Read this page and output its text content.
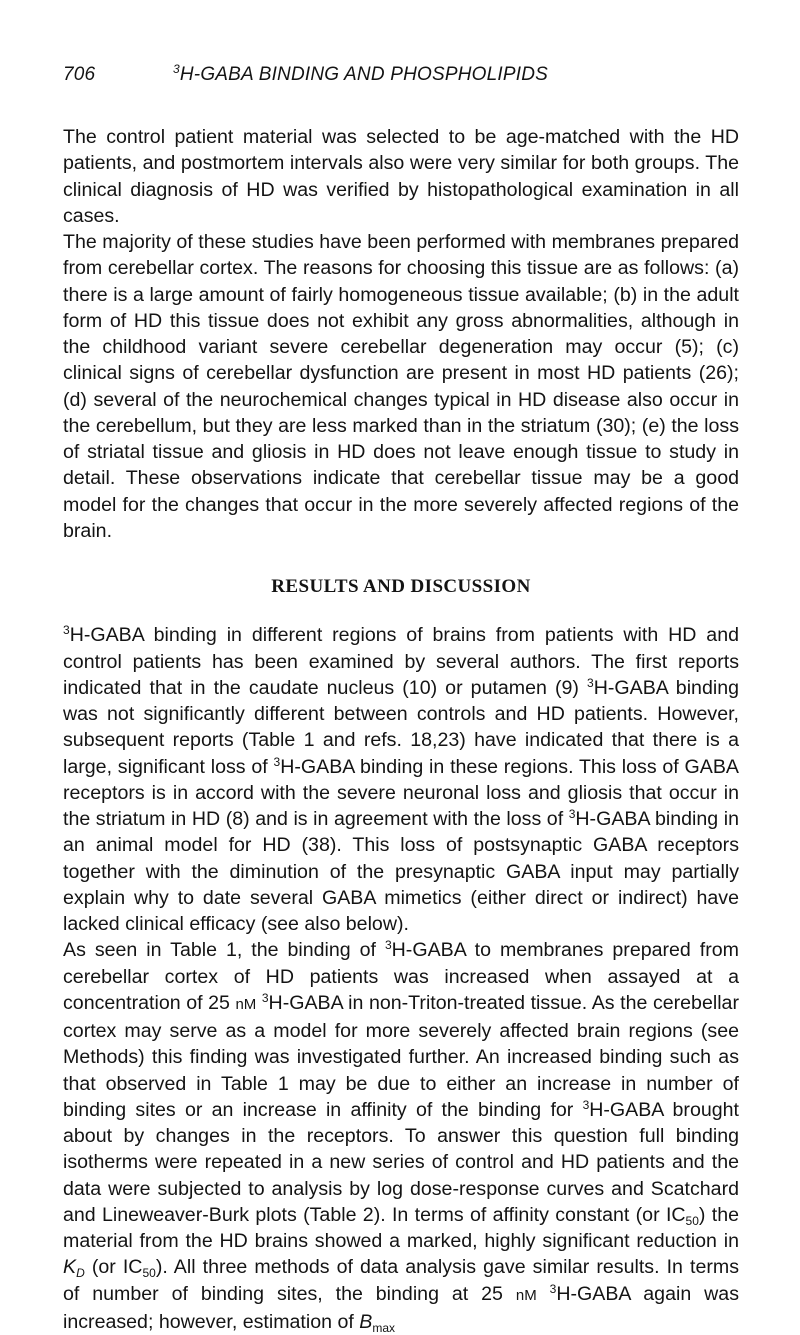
706	$^3$H-GABA BINDING AND PHOSPHOLIPIDS

The control patient material was selected to be age-matched with the HD patients, and postmortem intervals also were very similar for both groups. The clinical diagnosis of HD was verified by histopathological examination in all cases.

The majority of these studies have been performed with membranes prepared from cerebellar cortex. The reasons for choosing this tissue are as follows: (a) there is a large amount of fairly homogeneous tissue available; (b) in the adult form of HD this tissue does not exhibit any gross abnormalities, although in the childhood variant severe cerebellar degeneration may occur (5); (c) clinical signs of cerebellar dysfunction are present in most HD patients (26); (d) several of the neurochemical changes typical in HD disease also occur in the cerebellum, but they are less marked than in the striatum (30); (e) the loss of striatal tissue and gliosis in HD does not leave enough tissue to study in detail. These observations indicate that cerebellar tissue may be a good model for the changes that occur in the more severely affected regions of the brain.

RESULTS AND DISCUSSION

$^3$H-GABA binding in different regions of brains from patients with HD and control patients has been examined by several authors. The first reports indicated that in the caudate nucleus (10) or putamen (9) $^3$H-GABA binding was not significantly different between controls and HD patients. However, subsequent reports (Table 1 and refs. 18,23) have indicated that there is a large, significant loss of $^3$H-GABA binding in these regions. This loss of GABA receptors is in accord with the severe neuronal loss and gliosis that occur in the striatum in HD (8) and is in agreement with the loss of $^3$H-GABA binding in an animal model for HD (38). This loss of postsynaptic GABA receptors together with the diminution of the presynaptic GABA input may partially explain why to date several GABA mimetics (either direct or indirect) have lacked clinical efficacy (see also below).

As seen in Table 1, the binding of $^3$H-GABA to membranes prepared from cerebellar cortex of HD patients was increased when assayed at a concentration of 25 nM $^3$H-GABA in non-Triton-treated tissue. As the cerebellar cortex may serve as a model for more severely affected brain regions (see Methods) this finding was investigated further. An increased binding such as that observed in Table 1 may be due to either an increase in number of binding sites or an increase in affinity of the binding for $^3$H-GABA brought about by changes in the receptors. To answer this question full binding isotherms were repeated in a new series of control and HD patients and the data were subjected to analysis by log dose-response curves and Scatchard and Lineweaver-Burk plots (Table 2). In terms of affinity constant (or $IC_{50}$) the material from the HD brains showed a marked, highly significant reduction in $K_D$ (or $IC_{50}$). All three methods of data analysis gave similar results. In terms of number of binding sites, the binding at 25 nM $^3$H-GABA again was increased; however, estimation of $B_{max}$
